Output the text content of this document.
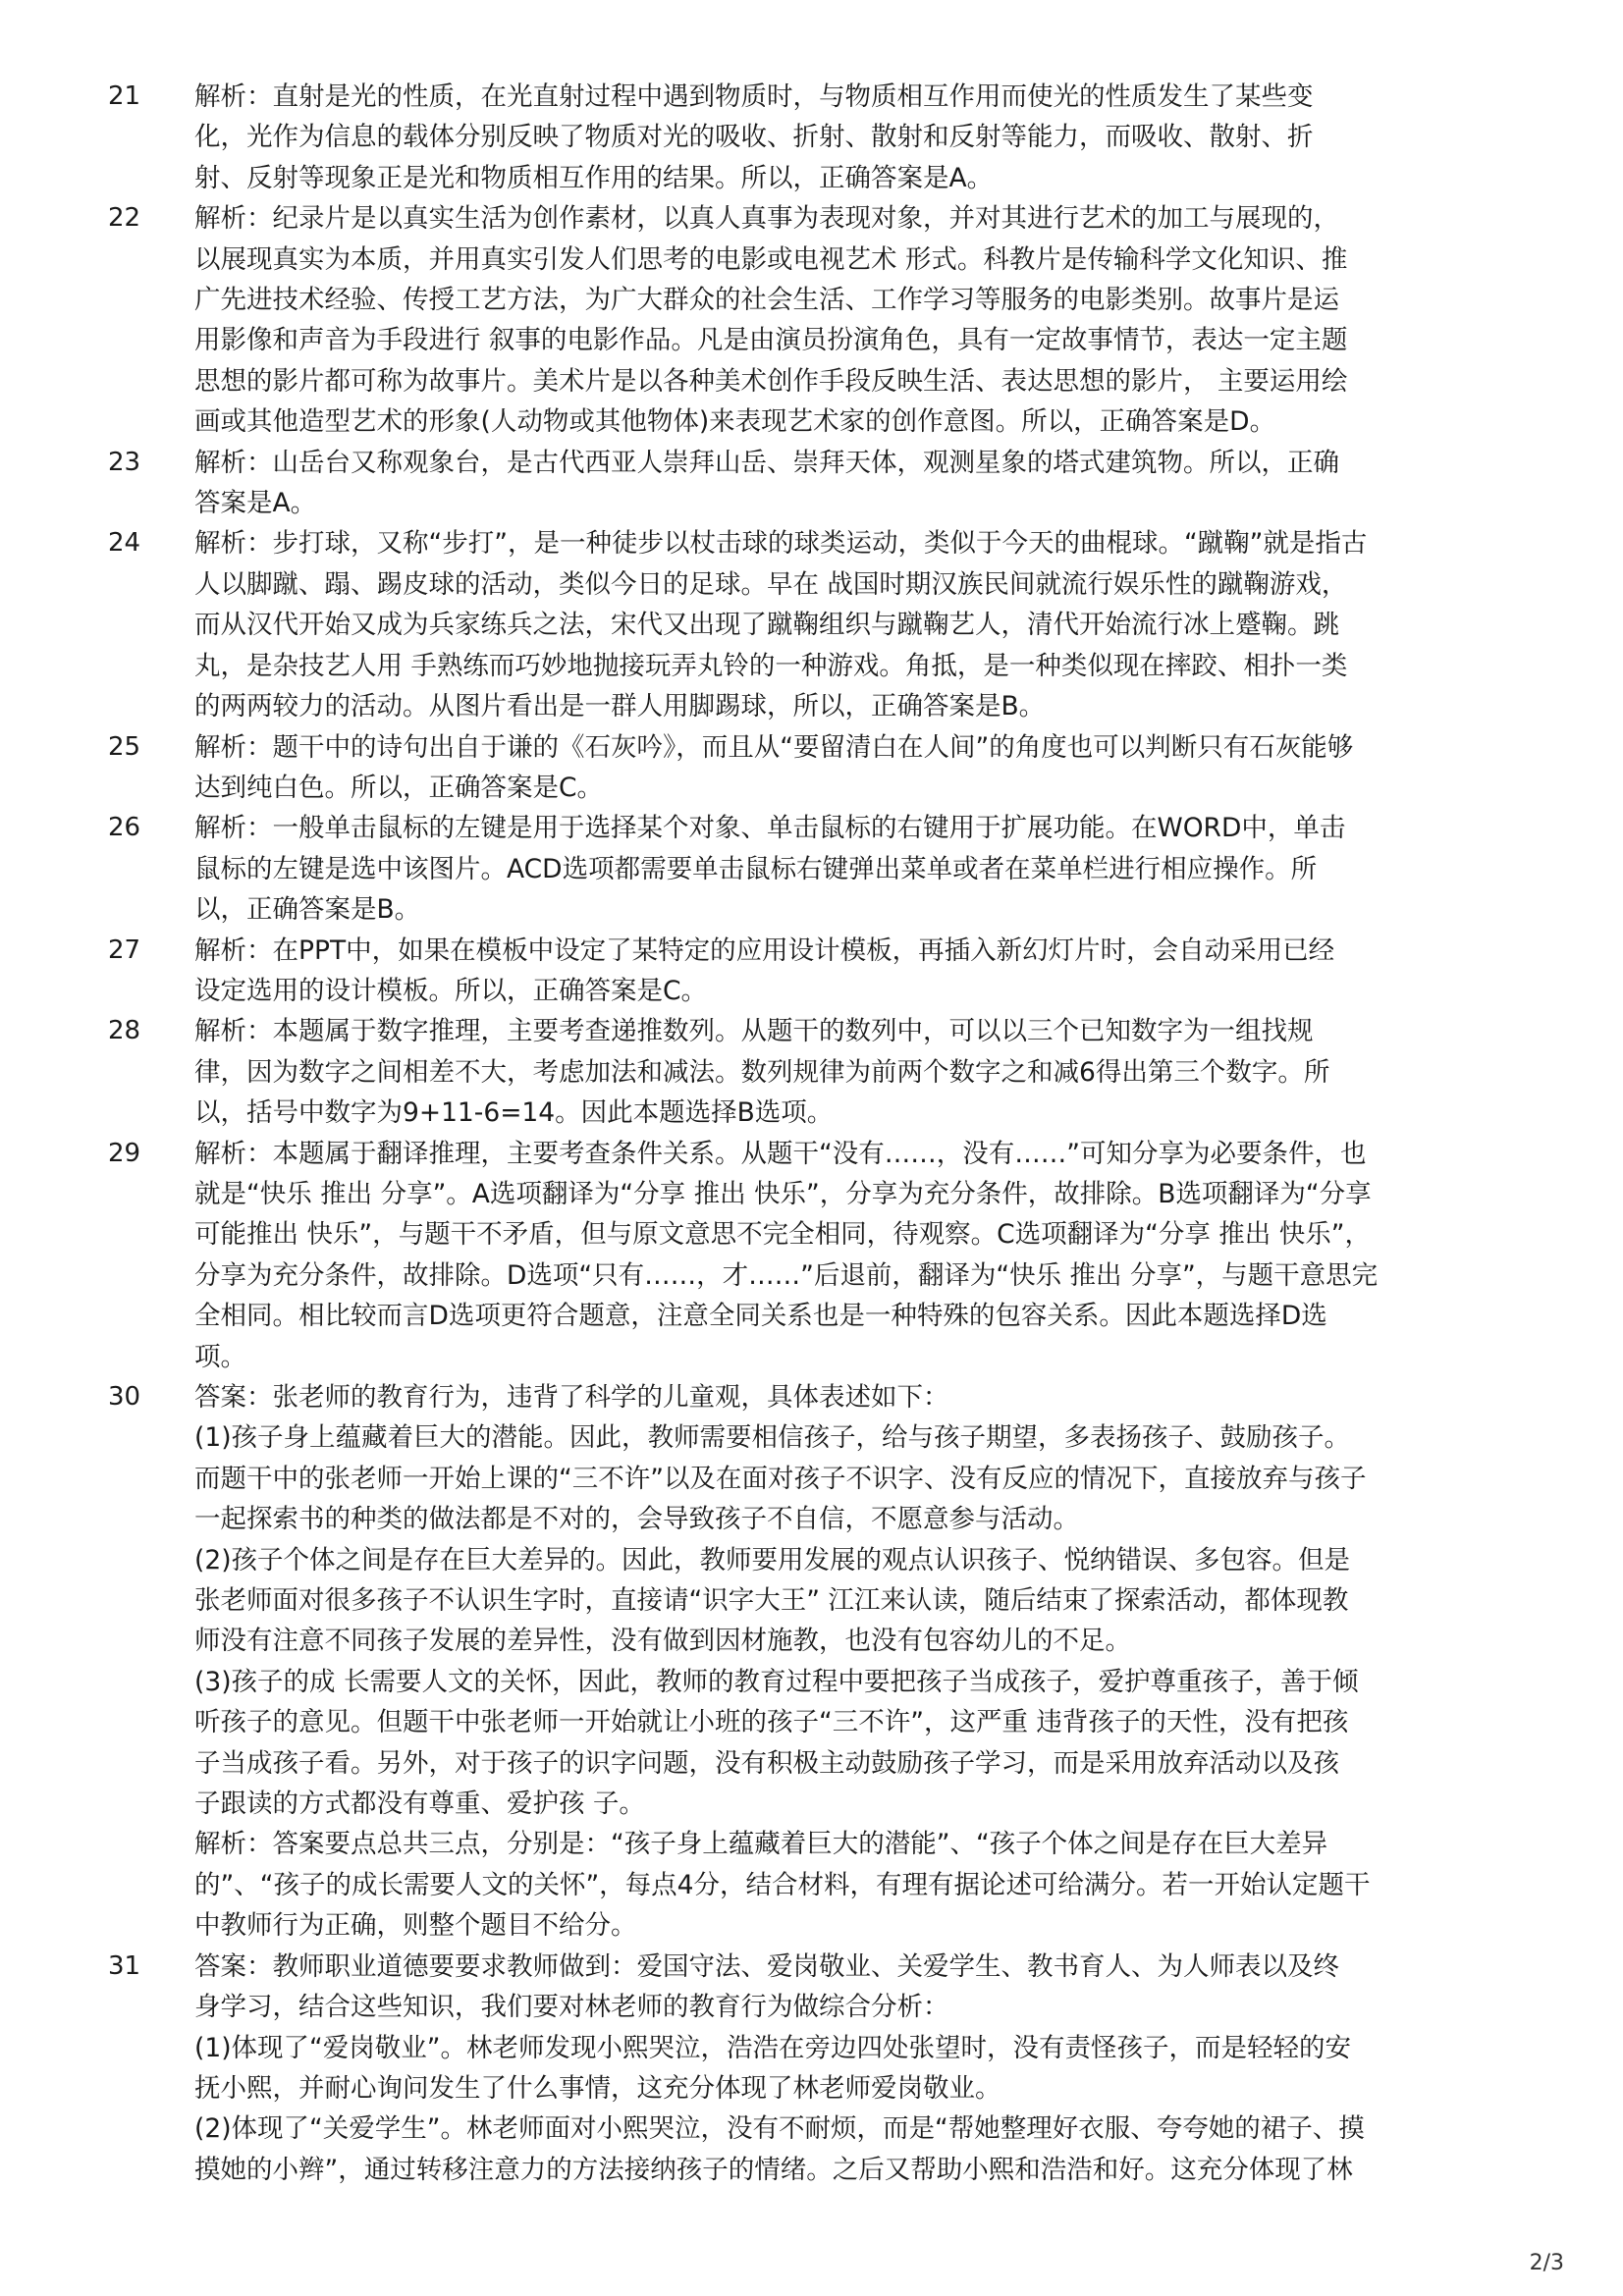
21	解析：直射是光的性质，在光直射过程中遇到物质时，与物质相互作用而使光的性质发生了某些变
化，光作为信息的载体分别反映了物质对光的吸收、折射、散射和反射等能力，而吸收、散射、折
射、反射等现象正是光和物质相互作用的结果。所以，正确答案是A。
22	解析：纪录片是以真实生活为创作素材，以真人真事为表现对象，并对其进行艺术的加工与展现的，
以展现真实为本质，并用真实引发人们思考的电影或电视艺术 形式。科教片是传输科学文化知识、推
广先进技术经验、传授工艺方法，为广大群众的社会生活、工作学习等服务的电影类别。故事片是运
用影像和声音为手段进行 叙事的电影作品。凡是由演员扮演角色，具有一定故事情节，表达一定主题
思想的影片都可称为故事片。美术片是以各种美术创作手段反映生活、表达思想的影片， 主要运用绘
画或其他造型艺术的形象(人动物或其他物体)来表现艺术家的创作意图。所以，正确答案是D。
23	解析：山岳台又称观象台，是古代西亚人崇拜山岳、崇拜天体，观测星象的塔式建筑物。所以，正确
答案是A。
24	解析：步打球，又称“步打”，是一种徒步以杖击球的球类运动，类似于今天的曲棍球。“蹴鞠”就是指古
人以脚蹴、蹋、踢皮球的活动，类似今日的足球。早在 战国时期汉族民间就流行娱乐性的蹴鞠游戏，
而从汉代开始又成为兵家练兵之法，宋代又出现了蹴鞠组织与蹴鞠艺人，清代开始流行冰上蹙鞠。跳
丸，是杂技艺人用 手熟练而巧妙地抛接玩弄丸铃的一种游戏。角抵，是一种类似现在摔跤、相扑一类
的两两较力的活动。从图片看出是一群人用脚踢球，所以，正确答案是B。
25	解析：题干中的诗句出自于谦的《石灰吟》，而且从“要留清白在人间”的角度也可以判断只有石灰能够
达到纯白色。所以，正确答案是C。
26	解析：一般单击鼠标的左键是用于选择某个对象、单击鼠标的右键用于扩展功能。在WORD中，单击
鼠标的左键是选中该图片。ACD选项都需要单击鼠标右键弹出菜单或者在菜单栏进行相应操作。所
以，正确答案是B。
27	解析：在PPT中，如果在模板中设定了某特定的应用设计模板，再插入新幻灯片时，会自动采用已经
设定选用的设计模板。所以，正确答案是C。
28	解析：本题属于数字推理，主要考查递推数列。从题干的数列中，可以以三个已知数字为一组找规
律，因为数字之间相差不大，考虑加法和减法。数列规律为前两个数字之和减6得出第三个数字。所
以，括号中数字为9+11-6=14。因此本题选择B选项。
29	解析：本题属于翻译推理，主要考查条件关系。从题干“没有……，没有……”可知分享为必要条件，也
就是“快乐 推出 分享”。A选项翻译为“分享 推出 快乐”，分享为充分条件，故排除。B选项翻译为“分享
可能推出 快乐”，与题干不矛盾，但与原文意思不完全相同，待观察。C选项翻译为“分享 推出 快乐”，
分享为充分条件，故排除。D选项“只有……，才……”后退前，翻译为“快乐 推出 分享”，与题干意思完
全相同。相比较而言D选项更符合题意，注意全同关系也是一种特殊的包容关系。因此本题选择D选
项。
30	答案：张老师的教育行为，违背了科学的儿童观，具体表述如下：
(1)孩子身上蕴藏着巨大的潜能。因此，教师需要相信孩子，给与孩子期望，多表扬孩子、鼓励孩子。
而题干中的张老师一开始上课的“三不许”以及在面对孩子不识字、没有反应的情况下，直接放弃与孩子
一起探索书的种类的做法都是不对的，会导致孩子不自信，不愿意参与活动。
(2)孩子个体之间是存在巨大差异的。因此，教师要用发展的观点认识孩子、悦纳错误、多包容。但是
张老师面对很多孩子不认识生字时，直接请“识字大王” 江江来认读，随后结束了探索活动，都体现教
师没有注意不同孩子发展的差异性，没有做到因材施教，也没有包容幼儿的不足。
(3)孩子的成 长需要人文的关怀，因此，教师的教育过程中要把孩子当成孩子，爱护尊重孩子，善于倾
听孩子的意见。但题干中张老师一开始就让小班的孩子“三不许”，这严重 违背孩子的天性，没有把孩
子当成孩子看。另外，对于孩子的识字问题，没有积极主动鼓励孩子学习，而是采用放弃活动以及孩
子跟读的方式都没有尊重、爱护孩 子。
解析：答案要点总共三点，分别是：“孩子身上蕴藏着巨大的潜能”、“孩子个体之间是存在巨大差异
的”、“孩子的成长需要人文的关怀”，每点4分，结合材料，有理有据论述可给满分。若一开始认定题干
中教师行为正确，则整个题目不给分。
31	答案：教师职业道德要要求教师做到：爱国守法、爱岗敬业、关爱学生、教书育人、为人师表以及终
身学习，结合这些知识，我们要对林老师的教育行为做综合分析：
(1)体现了“爱岗敬业”。林老师发现小熙哭泣，浩浩在旁边四处张望时，没有责怪孩子，而是轻轻的安
抚小熙，并耐心询问发生了什么事情，这充分体现了林老师爱岗敬业。
(2)体现了“关爱学生”。林老师面对小熙哭泣，没有不耐烦，而是“帮她整理好衣服、夸夸她的裙子、摸
摸她的小辫”，通过转移注意力的方法接纳孩子的情绪。之后又帮助小熙和浩浩和好。这充分体现了林
2/3
